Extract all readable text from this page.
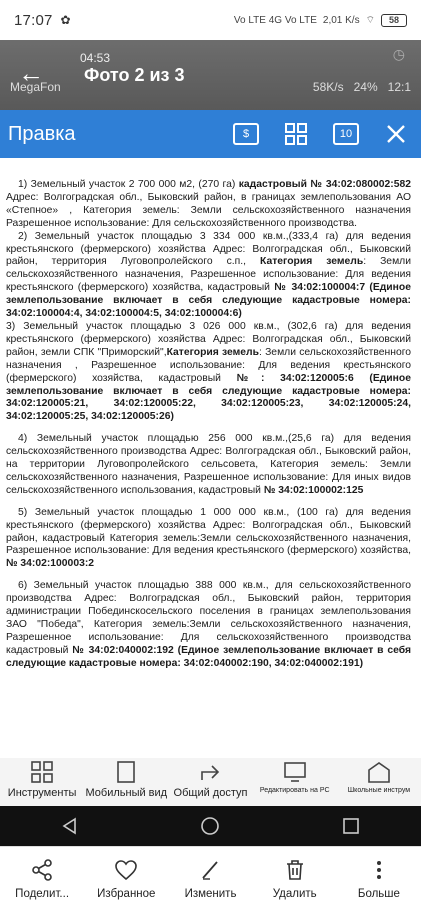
17:07 ✿	Vo LTE 4G Vo LTE 2,01 K/s ⌔ 58
04:53
← Фото 2 из 3
◷
MegaFon	58K/s 24% 12:1
Правка	$	10

1) Земельный участок 2 700 000 м2, (270 га) кадастровый № 34:02:080002:582 Адрес: Волгоградская обл., Быковский район, в границах землепользования АО «Степное» , Категория земель: Земли сельскохозяйственного назначения Разрешенное использование: Для сельскохозяйственного производства.

2) Земельный участок площадью 3 334 000 кв.м.,(333,4 га) для ведения крестьянского (фермерского) хозяйства Адрес: Волгоградская обл., Быковский район, территория Луговопролейского с.п., Категория земель: Земли сельскохозяйственного назначения, Разрешенное использование: Для ведения крестьянского (фермерского) хозяйства, кадастровый № 34:02:100004:7 (Единое землепользование включает в себя следующие кадастровые номера: 34:02:100004:4, 34:02:100004:5, 34:02:100004:6)

3) Земельный участок площадью 3 026 000 кв.м., (302,6 га) для ведения крестьянского (фермерского) хозяйства Адрес: Волгоградская обл., Быковский район, земли СПК "Приморский",Категория земель: Земли сельскохозяйственного назначения , Разрешенное использование: Для ведения крестьянского (фермерского) хозяйства, кадастровый №: 34:02:120005:6 (Единое землепользование включает в себя следующие кадастровые номера: 34:02:120005:21, 34:02:120005:22, 34:02:120005:23, 34:02:120005:24, 34:02:120005:25, 34:02:120005:26)

4) Земельный участок площадью 256 000 кв.м.,(25,6 га) для ведения сельскохозяйственного производства Адрес: Волгоградская обл., Быковский район, на территории Луговопролейского сельсовета, Категория земель: Земли сельскохозяйственного назначения, Разрешенное использование: Для иных видов сельскохозяйственного использования, кадастровый № 34:02:100002:125

5) Земельный участок площадью 1 000 000 кв.м., (100 га) для ведения крестьянского (фермерского) хозяйства Адрес: Волгоградская обл., Быковский район, кадастровый Категория земель:Земли сельскохозяйственного назначения, Разрешенное использование: Для ведения крестьянского (фермерского) хозяйства, № 34:02:100003:2

6) Земельный участок площадью 388 000 кв.м., для сельскохозяйственного производства Адрес: Волгоградская обл., Быковский район, территория администрации Побединскосельского поселения в границах землепользования ЗАО "Победа", Категория земель:Земли сельскохозяйственного назначения, Разрешенное использование: Для сельскохозяйственного производства кадастровый № 34:02:040002:192 (Единое землепользование включает в себя следующие кадастровые номера: 34:02:040002:190, 34:02:040002:191)

Инструменты Мобильный вид Общий доступ Редактировать на PC	Школьные инструм
Поделит... Избранное	Изменить	Удалить	Больше
